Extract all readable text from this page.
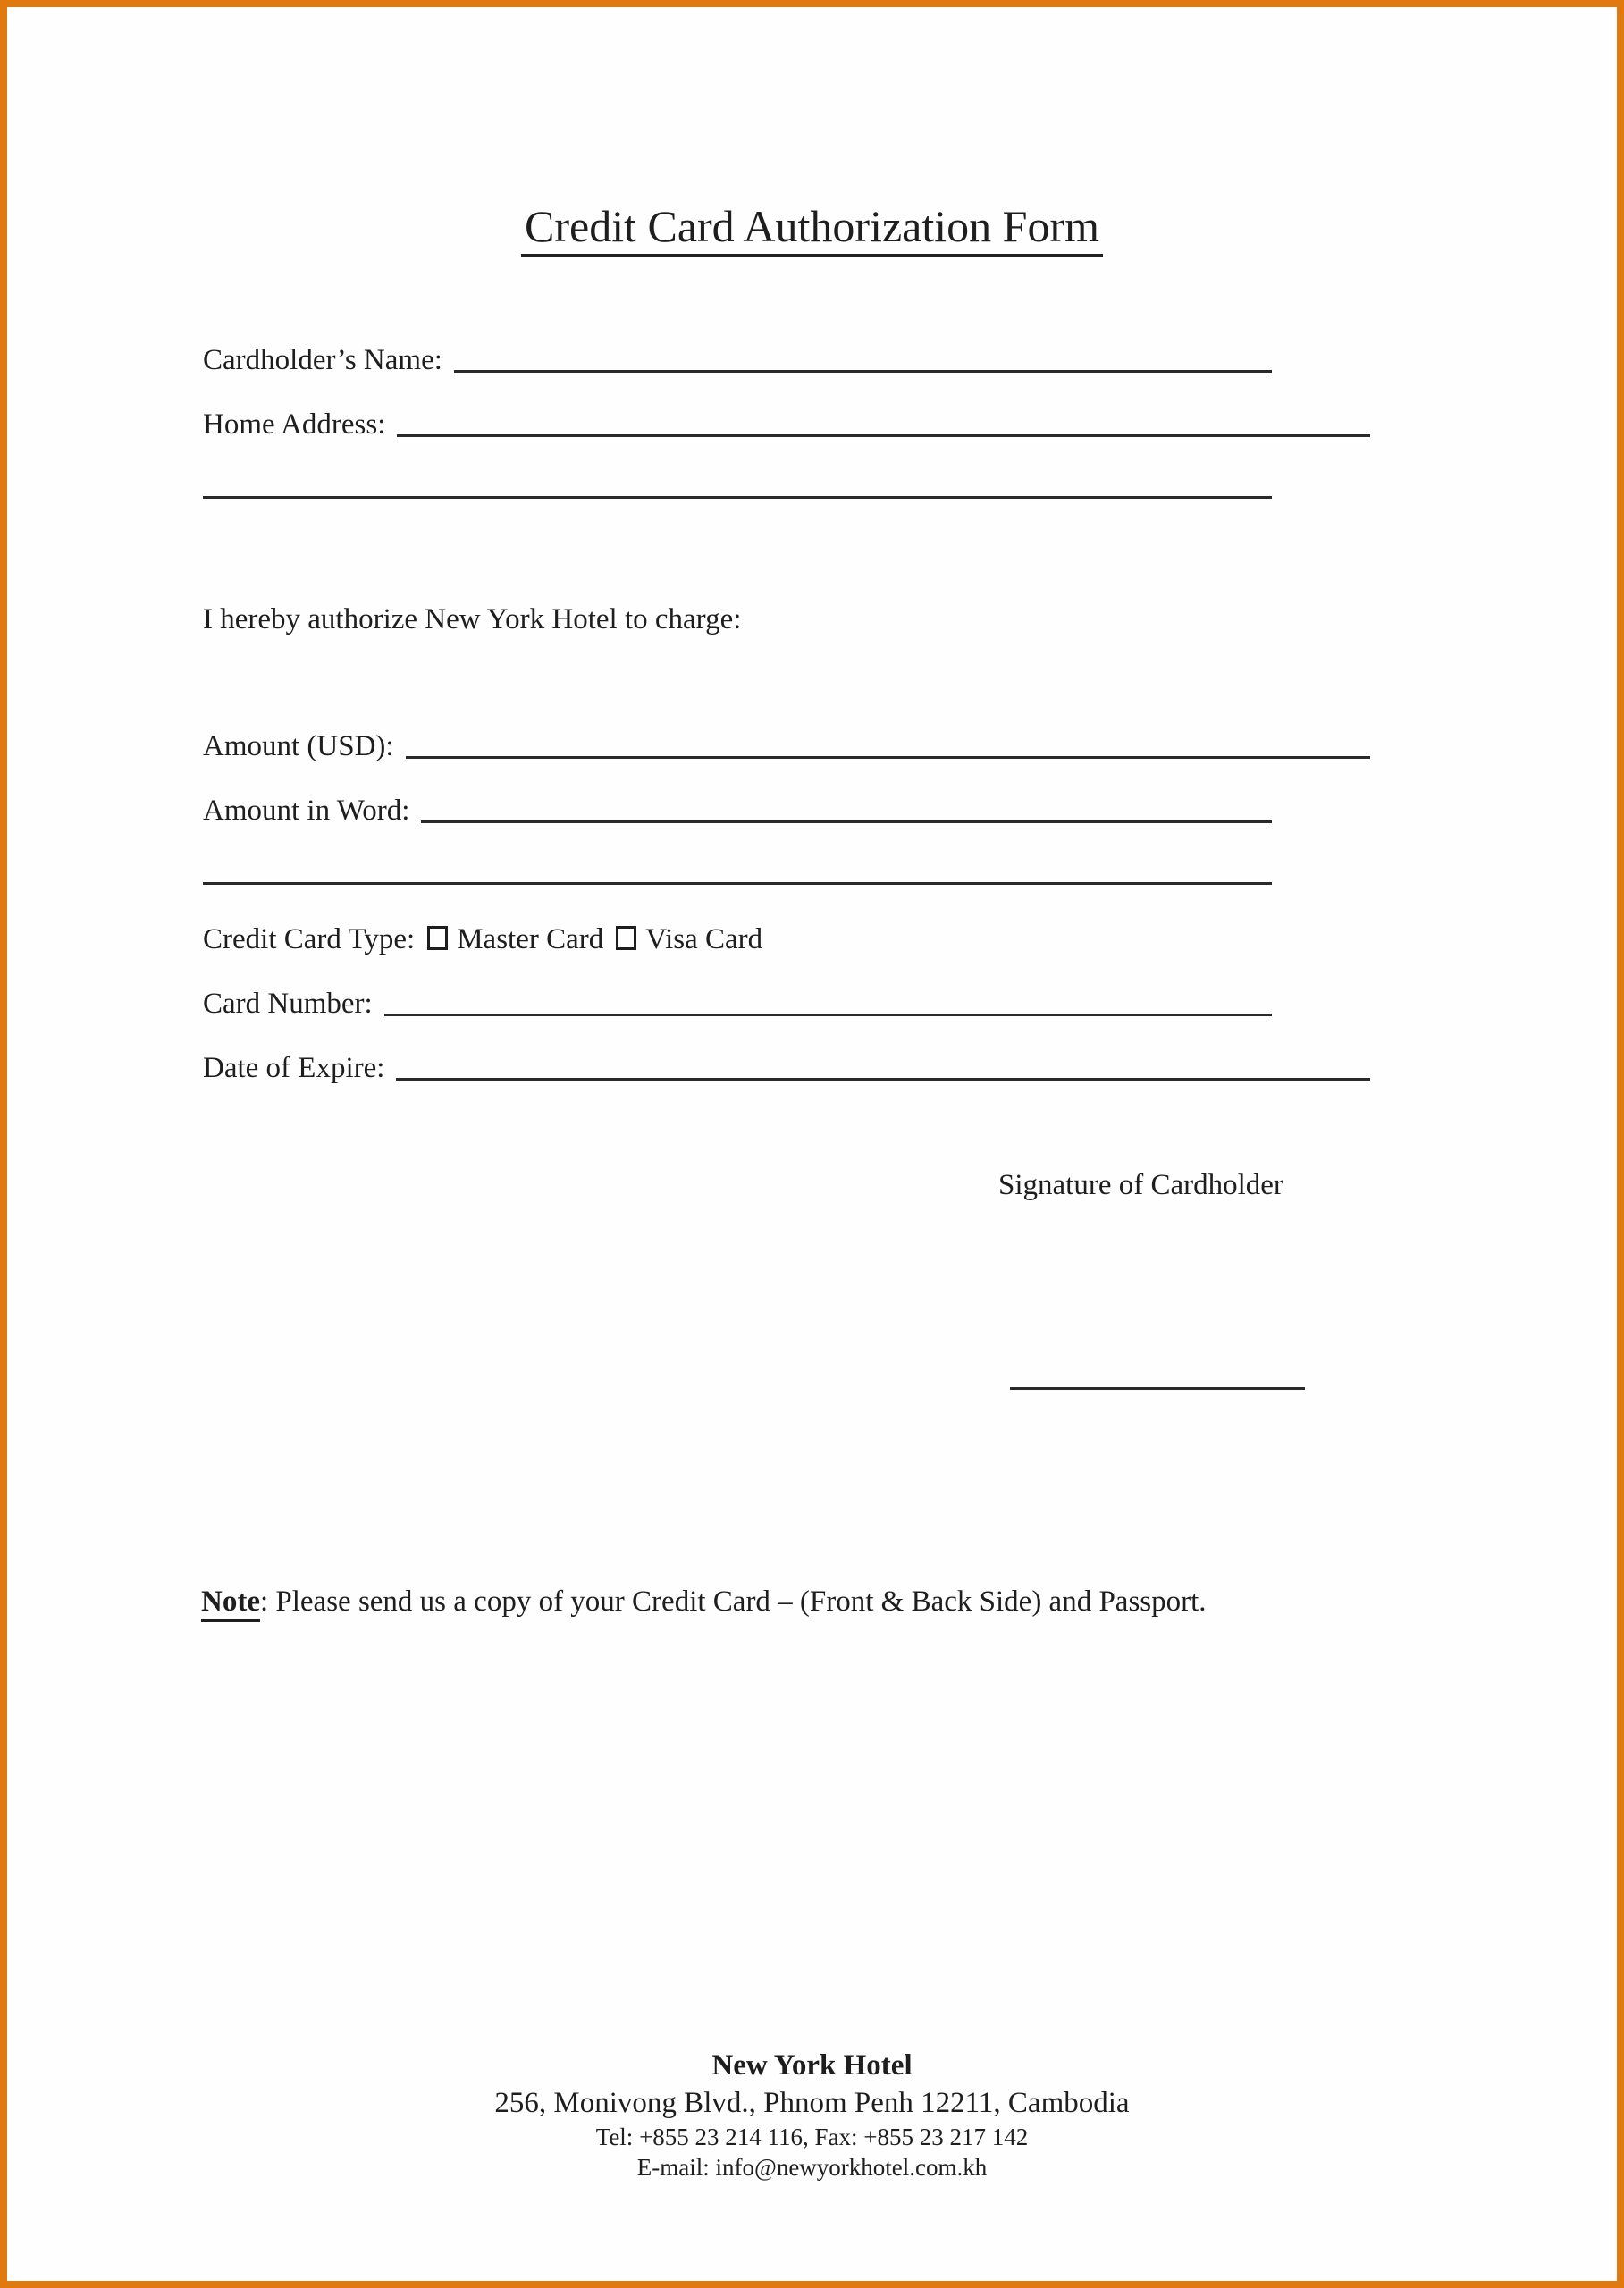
Credit Card Authorization Form
Cardholder’s Name:
Home Address:
I hereby authorize New York Hotel to charge:
Amount (USD):
Amount in Word:
Credit Card Type: Master Card Visa Card
Card Number:
Date of Expire:
Signature of Cardholder
Note: Please send us a copy of your Credit Card – (Front & Back Side) and Passport.
New York Hotel
256, Monivong Blvd., Phnom Penh 12211, Cambodia
Tel: +855 23 214 116, Fax: +855 23 217 142
E-mail: info@newyorkhotel.com.kh
